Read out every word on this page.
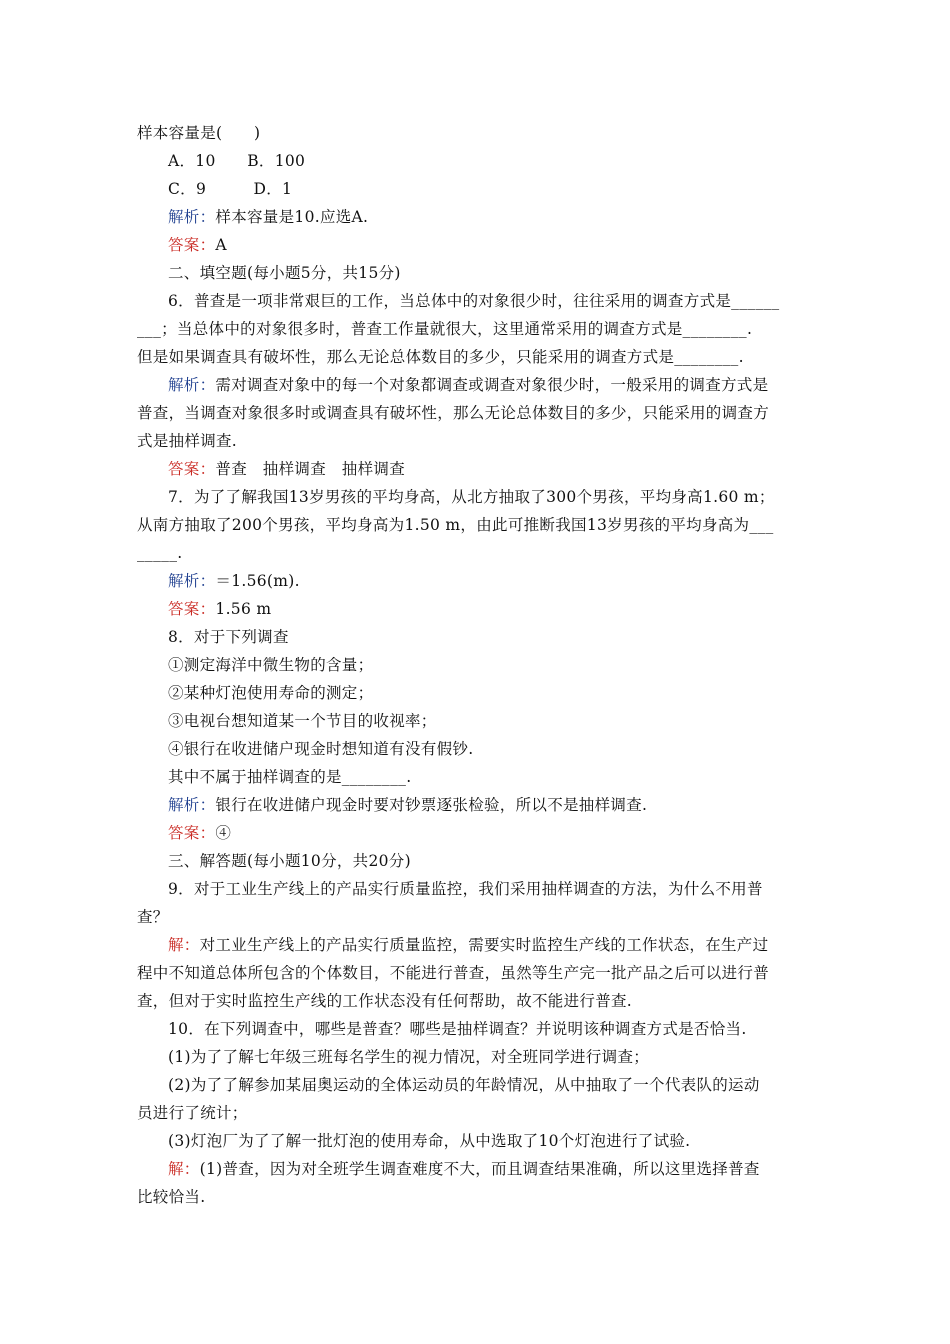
样本容量是(　　)
A．10　　B．100
C．9　　　D．1
解析：样本容量是10.应选A.
答案：A
二、填空题(每小题5分，共15分)
6．普查是一项非常艰巨的工作，当总体中的对象很少时，往往采用的调查方式是______
___；当总体中的对象很多时，普查工作量就很大，这里通常采用的调查方式是________.
但是如果调查具有破坏性，那么无论总体数目的多少，只能采用的调查方式是________.
解析：需对调查对象中的每一个对象都调查或调查对象很少时，一般采用的调查方式是
普查，当调查对象很多时或调查具有破坏性，那么无论总体数目的多少，只能采用的调查方
式是抽样调查.
答案：普查　抽样调查　抽样调查
7．为了了解我国13岁男孩的平均身高，从北方抽取了300个男孩，平均身高1.60 m；
从南方抽取了200个男孩，平均身高为1.50 m，由此可推断我国13岁男孩的平均身高为___
_____.
解析：＝1.56(m).
答案：1.56 m
8．对于下列调查
①测定海洋中微生物的含量；
②某种灯泡使用寿命的测定；
③电视台想知道某一个节目的收视率；
④银行在收进储户现金时想知道有没有假钞.
其中不属于抽样调查的是________.
解析：银行在收进储户现金时要对钞票逐张检验，所以不是抽样调查.
答案：④
三、解答题(每小题10分，共20分)
9．对于工业生产线上的产品实行质量监控，我们采用抽样调查的方法，为什么不用普
查？
解：对工业生产线上的产品实行质量监控，需要实时监控生产线的工作状态，在生产过
程中不知道总体所包含的个体数目，不能进行普查，虽然等生产完一批产品之后可以进行普
查，但对于实时监控生产线的工作状态没有任何帮助，故不能进行普查.
10．在下列调查中，哪些是普查？哪些是抽样调查？并说明该种调查方式是否恰当.
(1)为了了解七年级三班每名学生的视力情况，对全班同学进行调查；
(2)为了了解参加某届奥运动的全体运动员的年龄情况，从中抽取了一个代表队的运动
员进行了统计；
(3)灯泡厂为了了解一批灯泡的使用寿命，从中选取了10个灯泡进行了试验.
解：(1)普查，因为对全班学生调查难度不大，而且调查结果准确，所以这里选择普查
比较恰当.
